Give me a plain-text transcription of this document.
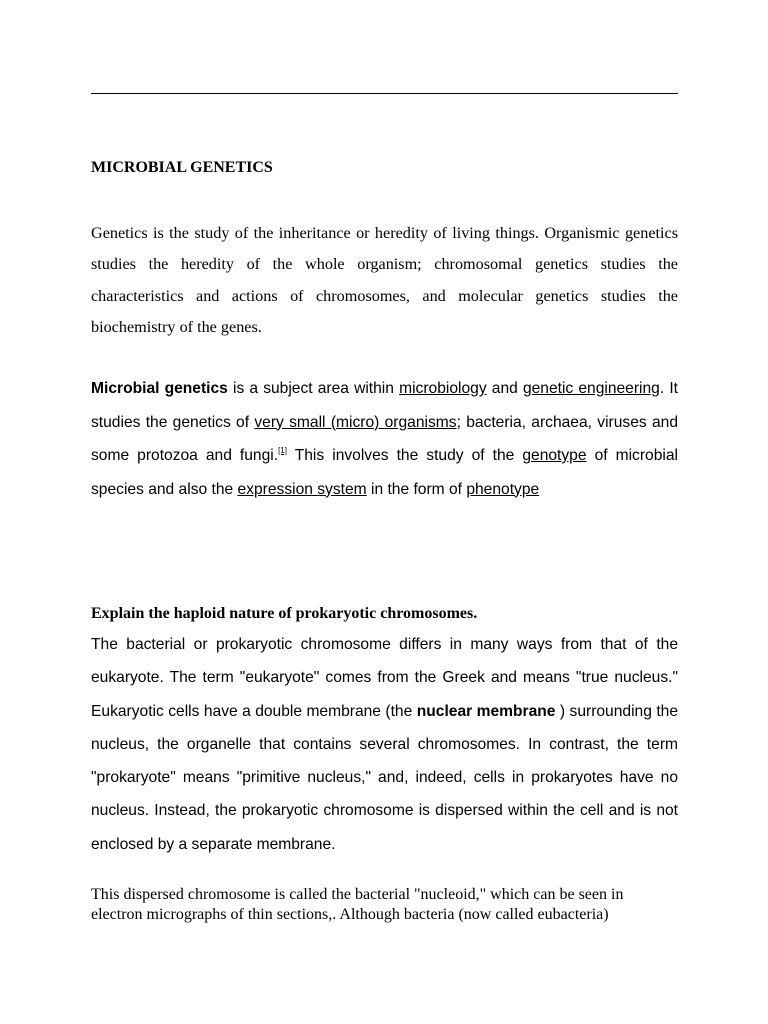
MICROBIAL GENETICS

Genetics is the study of the inheritance or heredity of living things. Organismic genetics studies the heredity of the whole organism; chromosomal genetics studies the characteristics and actions of chromosomes, and molecular genetics studies the biochemistry of the genes.

Microbial genetics is a subject area within microbiology and genetic engineering. It studies the genetics of very small (micro) organisms; bacteria, archaea, viruses and some protozoa and fungi.[1] This involves the study of the genotype of microbial species and also the expression system in the form of phenotype

Explain the haploid nature of prokaryotic chromosomes.

The bacterial or prokaryotic chromosome differs in many ways from that of the eukaryote. The term "eukaryote" comes from the Greek and means "true nucleus." Eukaryotic cells have a double membrane (the nuclear membrane ) surrounding the nucleus, the organelle that contains several chromosomes. In contrast, the term "prokaryote" means "primitive nucleus," and, indeed, cells in prokaryotes have no nucleus. Instead, the prokaryotic chromosome is dispersed within the cell and is not enclosed by a separate membrane.

This dispersed chromosome is called the bacterial "nucleoid," which can be seen in electron micrographs of thin sections,. Although bacteria (now called eubacteria)
